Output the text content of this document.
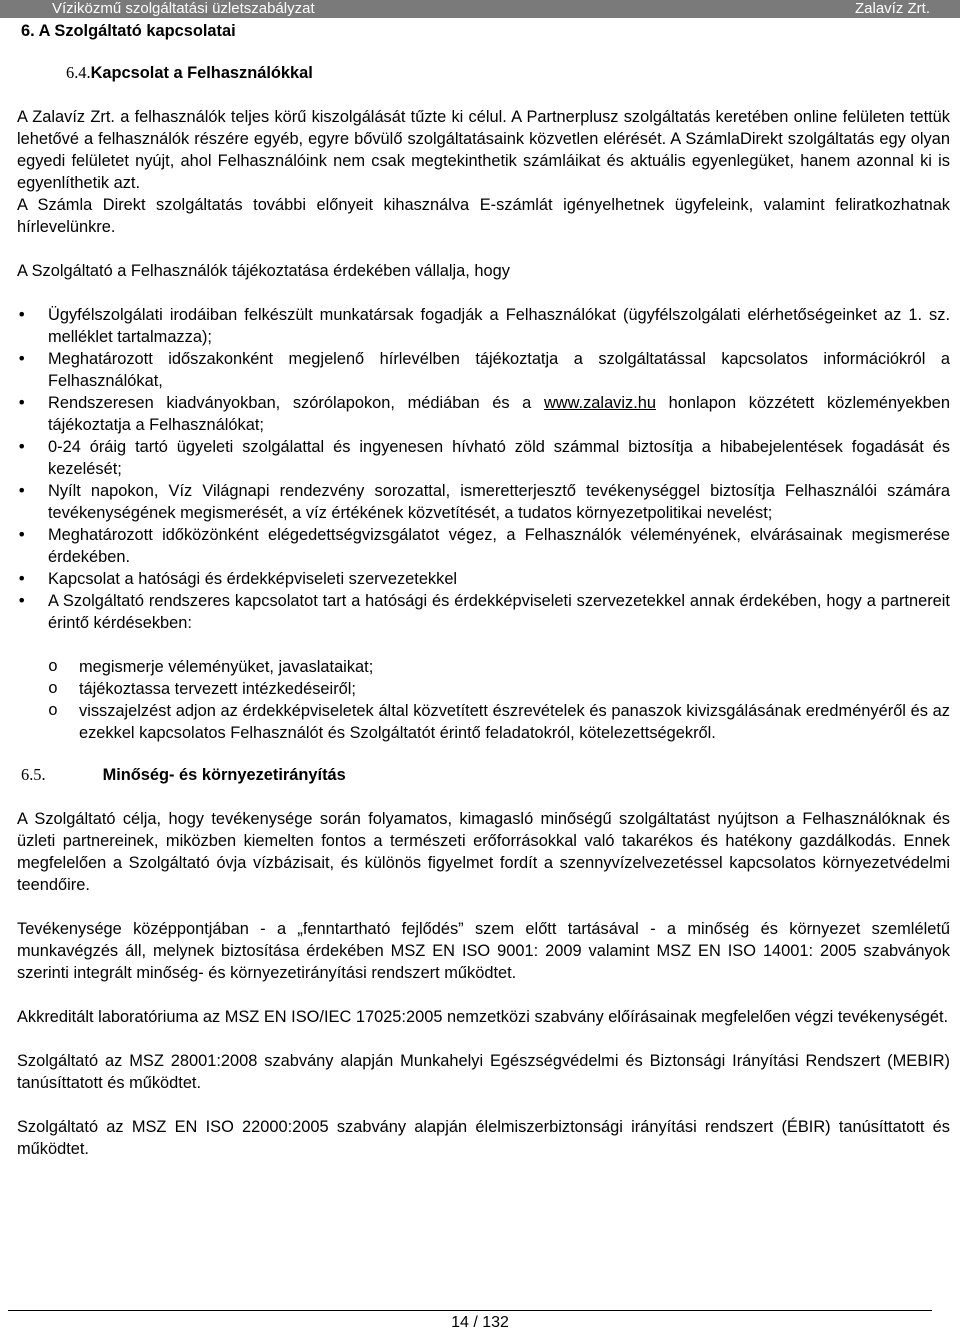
Víziközmű szolgáltatási üzletszabályzat	Zalavíz Zrt.
6. A Szolgáltató kapcsolatai
6.4. Kapcsolat a Felhasználókkal

A Zalavíz Zrt. a felhasználók teljes körű kiszolgálását tűzte ki célul. A Partnerplusz szolgáltatás keretében online felületen tettük lehetővé a felhasználók részére egyéb, egyre bővülő szolgáltatásaink közvetlen elérését. A SzámlaDirekt szolgáltatás egy olyan egyedi felületet nyújt, ahol Felhasználóink nem csak megtekinthetik számláikat és aktuális egyenlegüket, hanem azonnal ki is egyenlíthetik azt.

A Számla Direkt szolgáltatás további előnyeit kihasználva E-számlát igényelhetnek ügyfeleink, valamint feliratkozhatnak hírlevelünkre.

A Szolgáltató a Felhasználók tájékoztatása érdekében vállalja, hogy

• Ügyfélszolgálati irodáiban felkészült munkatársak fogadják a Felhasználókat (ügyfélszolgálati elérhetőségeinket az 1. sz. melléklet tartalmazza);
• Meghatározott időszakonként megjelenő hírlevélben tájékoztatja a szolgáltatással kapcsolatos információkról a Felhasználókat,
• Rendszeresen kiadványokban, szórólapokon, médiában és a www.zalaviz.hu honlapon közzétett közleményekben tájékoztatja a Felhasználókat;
• 0-24 óráig tartó ügyeleti szolgálattal és ingyenesen hívható zöld számmal biztosítja a hibabejelentések fogadását és kezelését;
• Nyílt napokon, Víz Világnapi rendezvény sorozattal, ismeretterjesztő tevékenységgel biztosítja Felhasználói számára tevékenységének megismerését, a víz értékének közvetítését, a tudatos környezetpolitikai nevelést;
• Meghatározott időközönként elégedettségvizsgálatot végez, a Felhasználók véleményének, elvárásainak megismerése érdekében.
• Kapcsolat a hatósági és érdekképviseleti szervezetekkel
• A Szolgáltató rendszeres kapcsolatot tart a hatósági és érdekképviseleti szervezetekkel annak érdekében, hogy a partnereit érintő kérdésekben:
o megismerje véleményüket, javaslataikat;
o tájékoztassa tervezett intézkedéseiről;
o visszajelzést adjon az érdekképviseletek által közvetített észrevételek és panaszok kivizsgálásának eredményéről és az ezekkel kapcsolatos Felhasználót és Szolgáltatót érintő feladatokról, kötelezettségekről.
6.5.	Minőség- és környezetirányítás

A Szolgáltató célja, hogy tevékenysége során folyamatos, kimagasló minőségű szolgáltatást nyújtson a Felhasználóknak és üzleti partnereinek, miközben kiemelten fontos a természeti erőforrásokkal való takarékos és hatékony gazdálkodás. Ennek megfelelően a Szolgáltató óvja vízbázisait, és különös figyelmet fordít a szennyvízelvezetéssel kapcsolatos környezetvédelmi teendőire.

Tevékenysége középpontjában - a „fenntartható fejlődés” szem előtt tartásával - a minőség és környezet szemléletű munkavégzés áll, melynek biztosítása érdekében MSZ EN ISO 9001: 2009 valamint MSZ EN ISO 14001: 2005 szabványok szerinti integrált minőség- és környezetirányítási rendszert működtet.

Akkreditált laboratóriuma az MSZ EN ISO/IEC 17025:2005 nemzetközi szabvány előírásainak megfelelően végzi tevékenységét.

Szolgáltató az MSZ 28001:2008 szabvány alapján Munkahelyi Egészségvédelmi és Biztonsági Irányítási Rendszert (MEBIR) tanúsíttatott és működtet.

Szolgáltató az MSZ EN ISO 22000:2005 szabvány alapján élelmiszerbiztonsági irányítási rendszert (ÉBIR) tanúsíttatott és működtet.

14 / 132
